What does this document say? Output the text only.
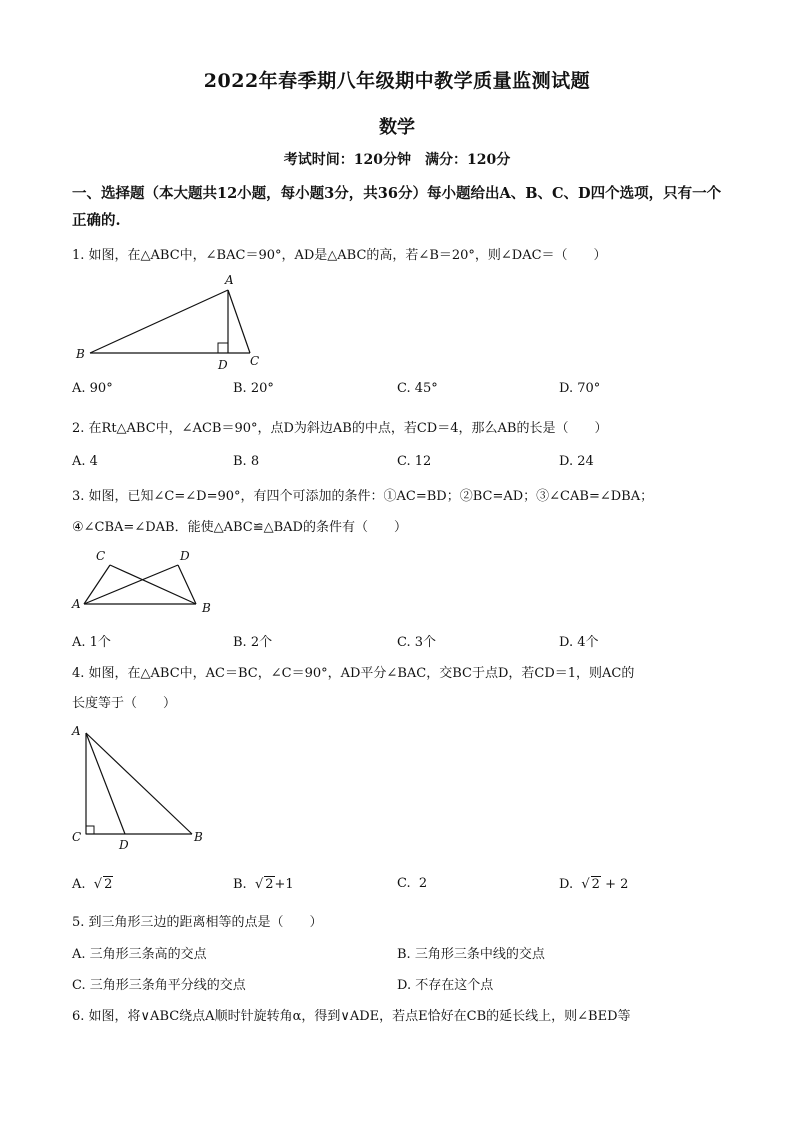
2022年春季期八年级期中教学质量监测试题
数学
考试时间：120分钟　满分：120分
一、选择题（本大题共12小题，每小题3分，共36分）每小题给出A、B、C、D四个选项，只有一个正确的.
1. 如图，在△ABC中，∠BAC＝90°，AD是△ABC的高，若∠B＝20°，则∠DAC＝（　　）
A
B
D C
A. 90°	B. 20°	C. 45°	D. 70°
2. 在Rt△ABC中，∠ACB＝90°，点D为斜边AB的中点，若CD＝4，那么AB的长是（　　）
A. 4	B. 8	C. 12	D. 24
3. 如图，已知∠C=∠D=90°，有四个可添加的条件：①AC=BD；②BC=AD；③∠CAB=∠DBA；
④∠CBA=∠DAB．能使△ABC≌△BAD的条件有（　　）
C	D
A	B
A. 1个	B. 2个	C. 3个	D. 4个
4. 如图，在△ABC中，AC＝BC，∠C＝90°，AD平分∠BAC，交BC于点D，若CD＝1，则AC的
长度等于（　　）
A
C
D
B
A. √ 2	B. √ 2+1	C. 2	D. √ 2 + 2
5. 到三角形三边的距离相等的点是（　　）
A. 三角形三条高的交点	B. 三角形三条中线的交点
C. 三角形三条角平分线的交点	D. 不存在这个点
6. 如图，将∨ABC绕点A顺时针旋转角α，得到∨ADE，若点E恰好在CB的延长线上，则∠BED等
